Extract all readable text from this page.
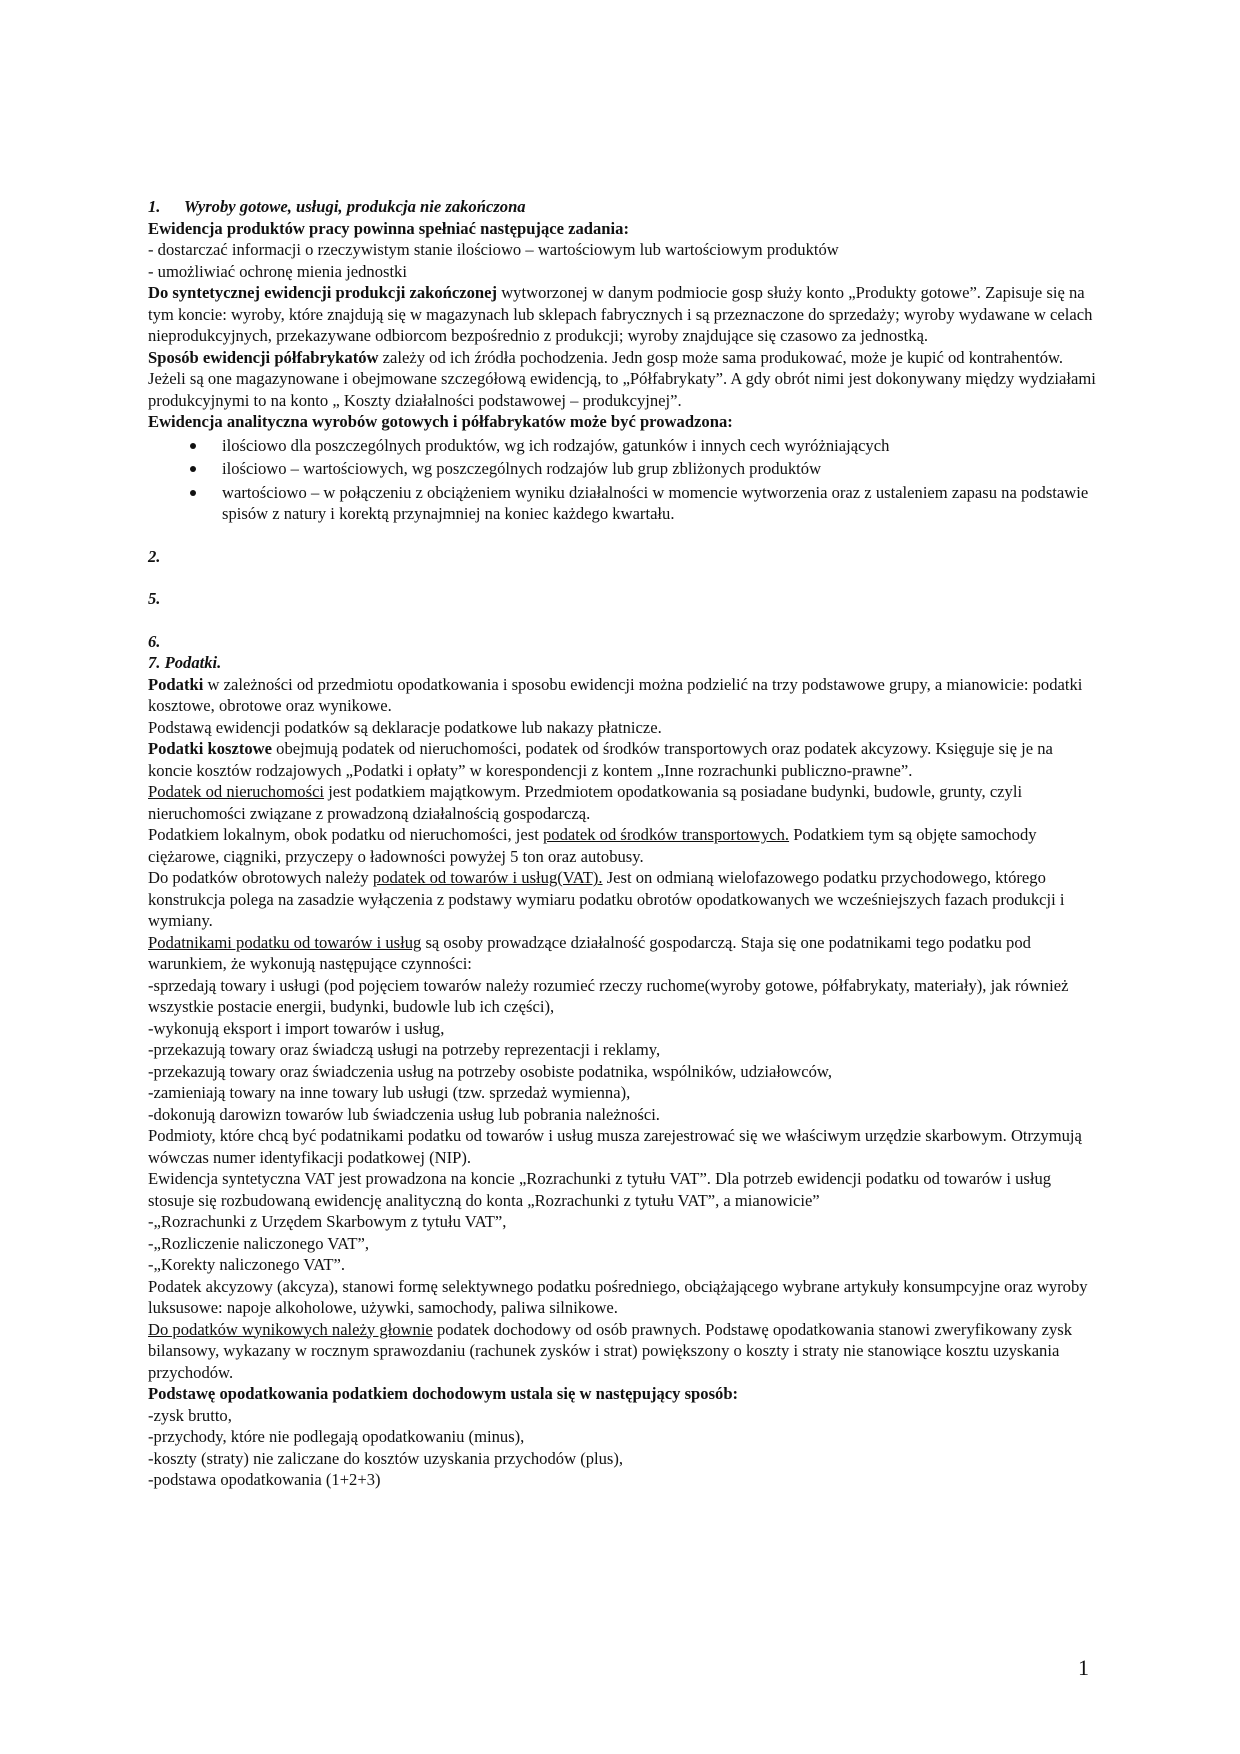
1.	Wyroby gotowe, usługi, produkcja nie zakończona

Ewidencja produktów pracy powinna spełniać następujące zadania:

- dostarczać informacji o rzeczywistym stanie ilościowo – wartościowym lub wartościowym produktów

- umożliwiać ochronę mienia jednostki

Do syntetycznej ewidencji produkcji zakończonej wytworzonej w danym podmiocie gosp służy konto „Produkty gotowe”. Zapisuje się na tym koncie: wyroby, które znajdują się w magazynach lub sklepach fabrycznych i są przeznaczone do sprzedaży; wyroby wydawane w celach nieprodukcyjnych, przekazywane odbiorcom bezpośrednio z produkcji; wyroby znajdujące się czasowo za jednostką.

Sposób ewidencji półfabrykatów zależy od ich źródła pochodzenia. Jedn gosp może sama produkować, może je kupić od kontrahentów. Jeżeli są one magazynowane i obejmowane szczegółową ewidencją, to „Półfabrykaty”. A gdy obrót nimi jest dokonywany między wydziałami produkcyjnymi to na konto „ Koszty działalności podstawowej – produkcyjnej”.

Ewidencja analityczna wyrobów gotowych i półfabrykatów może być prowadzona:

ilościowo dla poszczególnych produktów, wg ich rodzajów, gatunków i innych cech wyróżniających
ilościowo – wartościowych, wg poszczególnych rodzajów lub grup zbliżonych produktów
wartościowo – w połączeniu z obciążeniem wyniku działalności w momencie wytworzenia oraz z ustaleniem zapasu na podstawie spisów z natury i korektą przynajmniej na koniec każdego kwartału.

2.

5.

6.

7. Podatki.

Podatki w zależności od przedmiotu opodatkowania i sposobu ewidencji można podzielić na trzy podstawowe grupy, a mianowicie: podatki kosztowe, obrotowe oraz wynikowe.

Podstawą ewidencji podatków są deklaracje podatkowe lub nakazy płatnicze.

Podatki kosztowe obejmują podatek od nieruchomości, podatek od środków transportowych oraz podatek akcyzowy. Księguje się je na koncie kosztów rodzajowych „Podatki i opłaty” w korespondencji z kontem „Inne rozrachunki publiczno-prawne”.

Podatek od nieruchomości jest podatkiem majątkowym. Przedmiotem opodatkowania są posiadane budynki, budowle, grunty, czyli nieruchomości związane z prowadzoną działalnością gospodarczą.

Podatkiem lokalnym, obok podatku od nieruchomości, jest podatek od środków transportowych. Podatkiem tym są objęte samochody ciężarowe, ciągniki, przyczepy o ładowności powyżej 5 ton oraz autobusy.

Do podatków obrotowych należy podatek od towarów i usług(VAT). Jest on odmianą wielofazowego podatku przychodowego, którego konstrukcja polega na zasadzie wyłączenia z podstawy wymiaru podatku obrotów opodatkowanych we wcześniejszych fazach produkcji i wymiany.

Podatnikami podatku od towarów i usług są osoby prowadzące działalność gospodarczą. Staja się one podatnikami tego podatku pod warunkiem, że wykonują następujące czynności:

-sprzedają towary i usługi (pod pojęciem towarów należy rozumieć rzeczy ruchome(wyroby gotowe, półfabrykaty, materiały), jak również wszystkie postacie energii, budynki, budowle lub ich części),

-wykonują eksport i import towarów i usług,

-przekazują towary oraz świadczą usługi na potrzeby reprezentacji i reklamy,

-przekazują towary oraz świadczenia usług na potrzeby osobiste podatnika, wspólników, udziałowców,

-zamieniają towary na inne towary lub usługi (tzw. sprzedaż wymienna),

-dokonują darowizn towarów lub świadczenia usług lub pobrania należności.

Podmioty, które chcą być podatnikami podatku od towarów i usług musza zarejestrować się we właściwym urzędzie skarbowym. Otrzymują wówczas numer identyfikacji podatkowej (NIP).

Ewidencja syntetyczna VAT jest prowadzona na koncie „Rozrachunki z tytułu VAT”. Dla potrzeb ewidencji podatku od towarów i usług stosuje się rozbudowaną ewidencję analityczną do konta „Rozrachunki z tytułu VAT”, a mianowicie”

-„Rozrachunki z Urzędem Skarbowym z tytułu VAT”,

-„Rozliczenie naliczonego VAT”,

-„Korekty naliczonego VAT”.

Podatek akcyzowy (akcyza), stanowi formę selektywnego podatku pośredniego, obciążającego wybrane artykuły konsumpcyjne oraz wyroby luksusowe: napoje alkoholowe, używki, samochody, paliwa silnikowe.

Do podatków wynikowych należy głownie podatek dochodowy od osób prawnych. Podstawę opodatkowania stanowi zweryfikowany zysk bilansowy, wykazany w rocznym sprawozdaniu (rachunek zysków i strat) powiększony o koszty i straty nie stanowiące kosztu uzyskania przychodów.

Podstawę opodatkowania podatkiem dochodowym ustala się w następujący sposób:

-zysk brutto,

-przychody, które nie podlegają opodatkowaniu (minus),

-koszty (straty) nie zaliczane do kosztów uzyskania przychodów (plus),

-podstawa opodatkowania (1+2+3)

1
